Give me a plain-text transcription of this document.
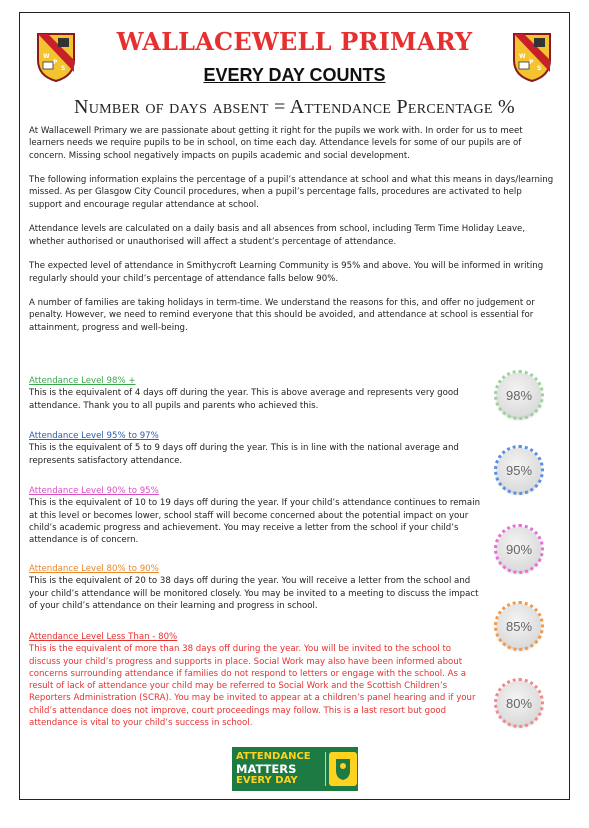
W
P
S
W
P
S
WALLACEWELL PRIMARY
EVERY DAY COUNTS
Number of days absent = Attendance Percentage %

At Wallacewell Primary we are passionate about getting it right for the pupils we work with. In order for us to meet learners needs we require pupils to be in school, on time each day. Attendance levels for some of our pupils are of concern. Missing school negatively impacts on pupils academic and social development.

The following information explains the percentage of a pupil’s attendance at school and what this means in days/learning missed. As per Glasgow City Council procedures, when a pupil’s percentage falls, procedures are activated to help support and encourage regular attendance at school.

Attendance levels are calculated on a daily basis and all absences from school, including Term Time Holiday Leave, whether authorised or unauthorised will affect a student’s percentage of attendance.

The expected level of attendance in Smithycroft Learning Community is 95% and above. You will be informed in writing regularly should your child’s percentage of attendance falls below 90%.

A number of families are taking holidays in term-time. We understand the reasons for this, and offer no judgement or penalty. However, we need to remind everyone that this should be avoided, and attendance at school is essential for attainment, progress and well-being.

Attendance Level 98% +
This is the equivalent of 4 days off during the year. This is above average and represents very good attendance. Thank you to all pupils and parents who achieved this.
Attendance Level 95% to 97%
This is the equivalent of 5 to 9 days off during the year. This is in line with the national average and represents satisfactory attendance.
Attendance Level 90% to 95%
This is the equivalent of 10 to 19 days off during the year. If your child’s attendance continues to remain at this level or becomes lower, school staff will become concerned about the potential impact on your child’s academic progress and achievement. You may receive a letter from the school if your child’s attendance is of concern.
Attendance Level 80% to 90%
This is the equivalent of 20 to 38 days off during the year. You will receive a letter from the school and your child’s attendance will be monitored closely. You may be invited to a meeting to discuss the impact of your child’s attendance on their learning and progress in school.
Attendance Level Less Than - 80%
This is the equivalent of more than 38 days off during the year. You will be invited to the school to discuss your child’s progress and supports in place. Social Work may also have been informed about concerns surrounding attendance if families do not respond to letters or engage with the school. As a result of lack of attendance your child may be referred to Social Work and the Scottish Children’s Reporters Administration (SCRA). You may be invited to appear at a children’s panel hearing and if your child’s attendance does not improve, court proceedings may follow. This is a last resort but good attendance is vital to your child’s success in school.
98%
95%
90%
85%
80%
ATTENDANCE
MATTERS
EVERY DAY
